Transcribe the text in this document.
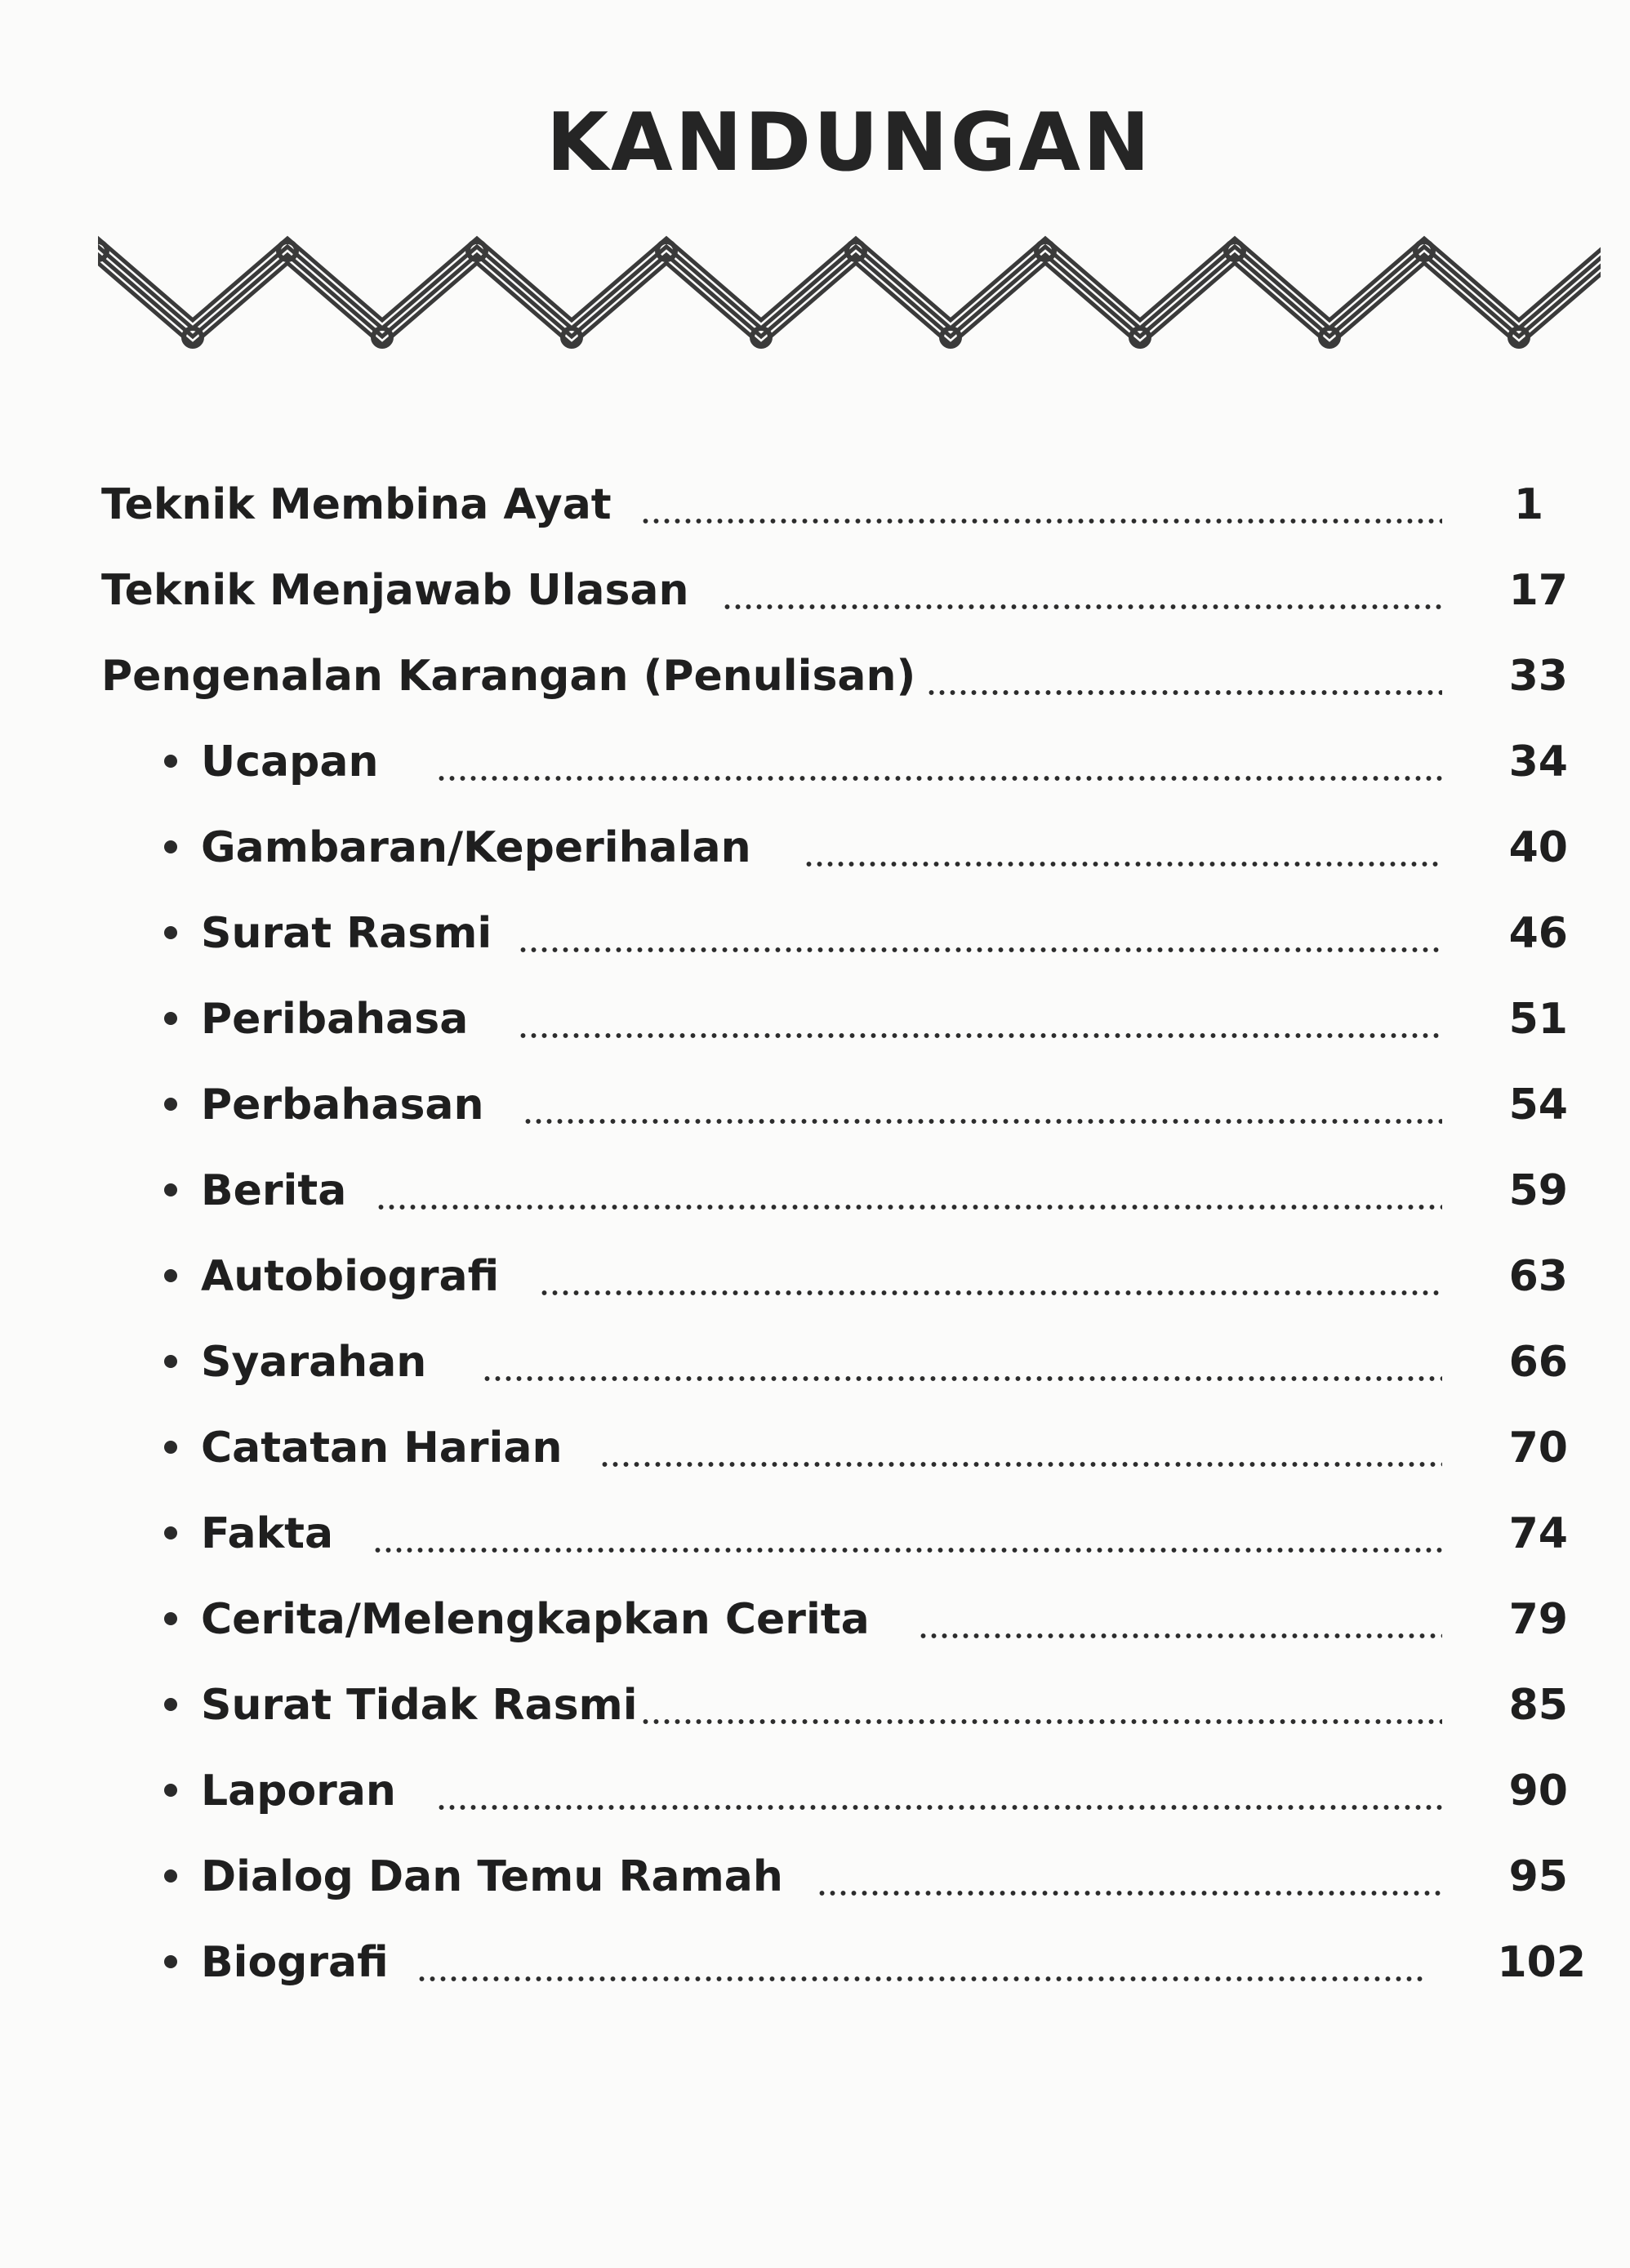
KANDUNGAN
Teknik Membina Ayat	1
Teknik Menjawab Ulasan	17
Pengenalan Karangan (Penulisan)	33
Ucapan	34
Gambaran/Keperihalan	40
Surat Rasmi	46
Peribahasa	51
Perbahasan	54
Berita	59
Autobiografi	63
Syarahan	66
Catatan Harian	70
Fakta	74
Cerita/Melengkapkan Cerita	79
Surat Tidak Rasmi	85
Laporan	90
Dialog Dan Temu Ramah	95
Biografi	102
